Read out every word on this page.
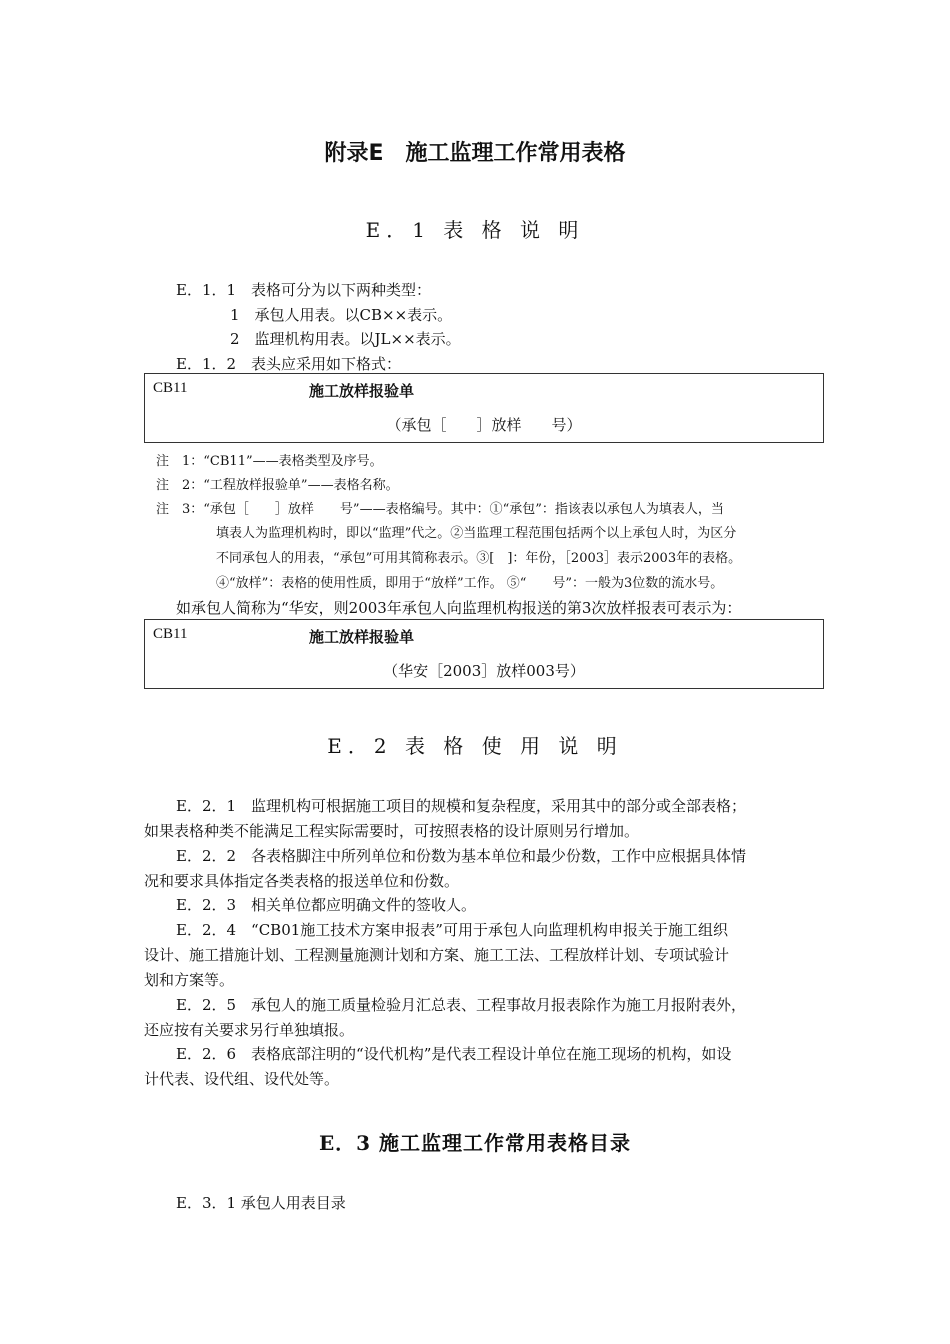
附录E　施工监理工作常用表格
E．1 表 格 说 明
E．1．1　表格可分为以下两种类型：
1　承包人用表。以CB××表示。
2　监理机构用表。以JL××表示。
E．1．2　表头应采用如下格式：
CB11	施工放样报验单
（承包［　　］放样　　号）
注　1：“CB11”——表格类型及序号。
注　2：“工程放样报验单”——表格名称。
注　3：“承包［　　］放样　　号”——表格编号。其中：①“承包”：指该表以承包人为填表人，当
填表人为监理机构时，即以“监理”代之。②当监理工程范围包括两个以上承包人时，为区分
不同承包人的用表，“承包”可用其简称表示。③[　]：年份，［2003］表示2003年的表格。
④“放样”：表格的使用性质，即用于“放样”工作。 ⑤“　　号”：一般为3位数的流水号。
如承包人简称为“华安，则2003年承包人向监理机构报送的第3次放样报表可表示为：
CB11	施工放样报验单
（华安［2003］放样003号）
E．2 表 格 使 用 说 明
E．2．1　监理机构可根据施工项目的规模和复杂程度，采用其中的部分或全部表格；
如果表格种类不能满足工程实际需要时，可按照表格的设计原则另行增加。
E．2．2　各表格脚注中所列单位和份数为基本单位和最少份数，工作中应根据具体情
况和要求具体指定各类表格的报送单位和份数。
E．2．3　相关单位都应明确文件的签收人。
E．2．4　“CB01施工技术方案申报表”可用于承包人向监理机构申报关于施工组织
设计、施工措施计划、工程测量施测计划和方案、施工工法、工程放样计划、专项试验计
划和方案等。
E．2．5　承包人的施工质量检验月汇总表、工程事故月报表除作为施工月报附表外，
还应按有关要求另行单独填报。
E．2．6　表格底部注明的“设代机构”是代表工程设计单位在施工现场的机构，如设
计代表、设代组、设代处等。
E．3 施工监理工作常用表格目录
E．3．1 承包人用表目录
